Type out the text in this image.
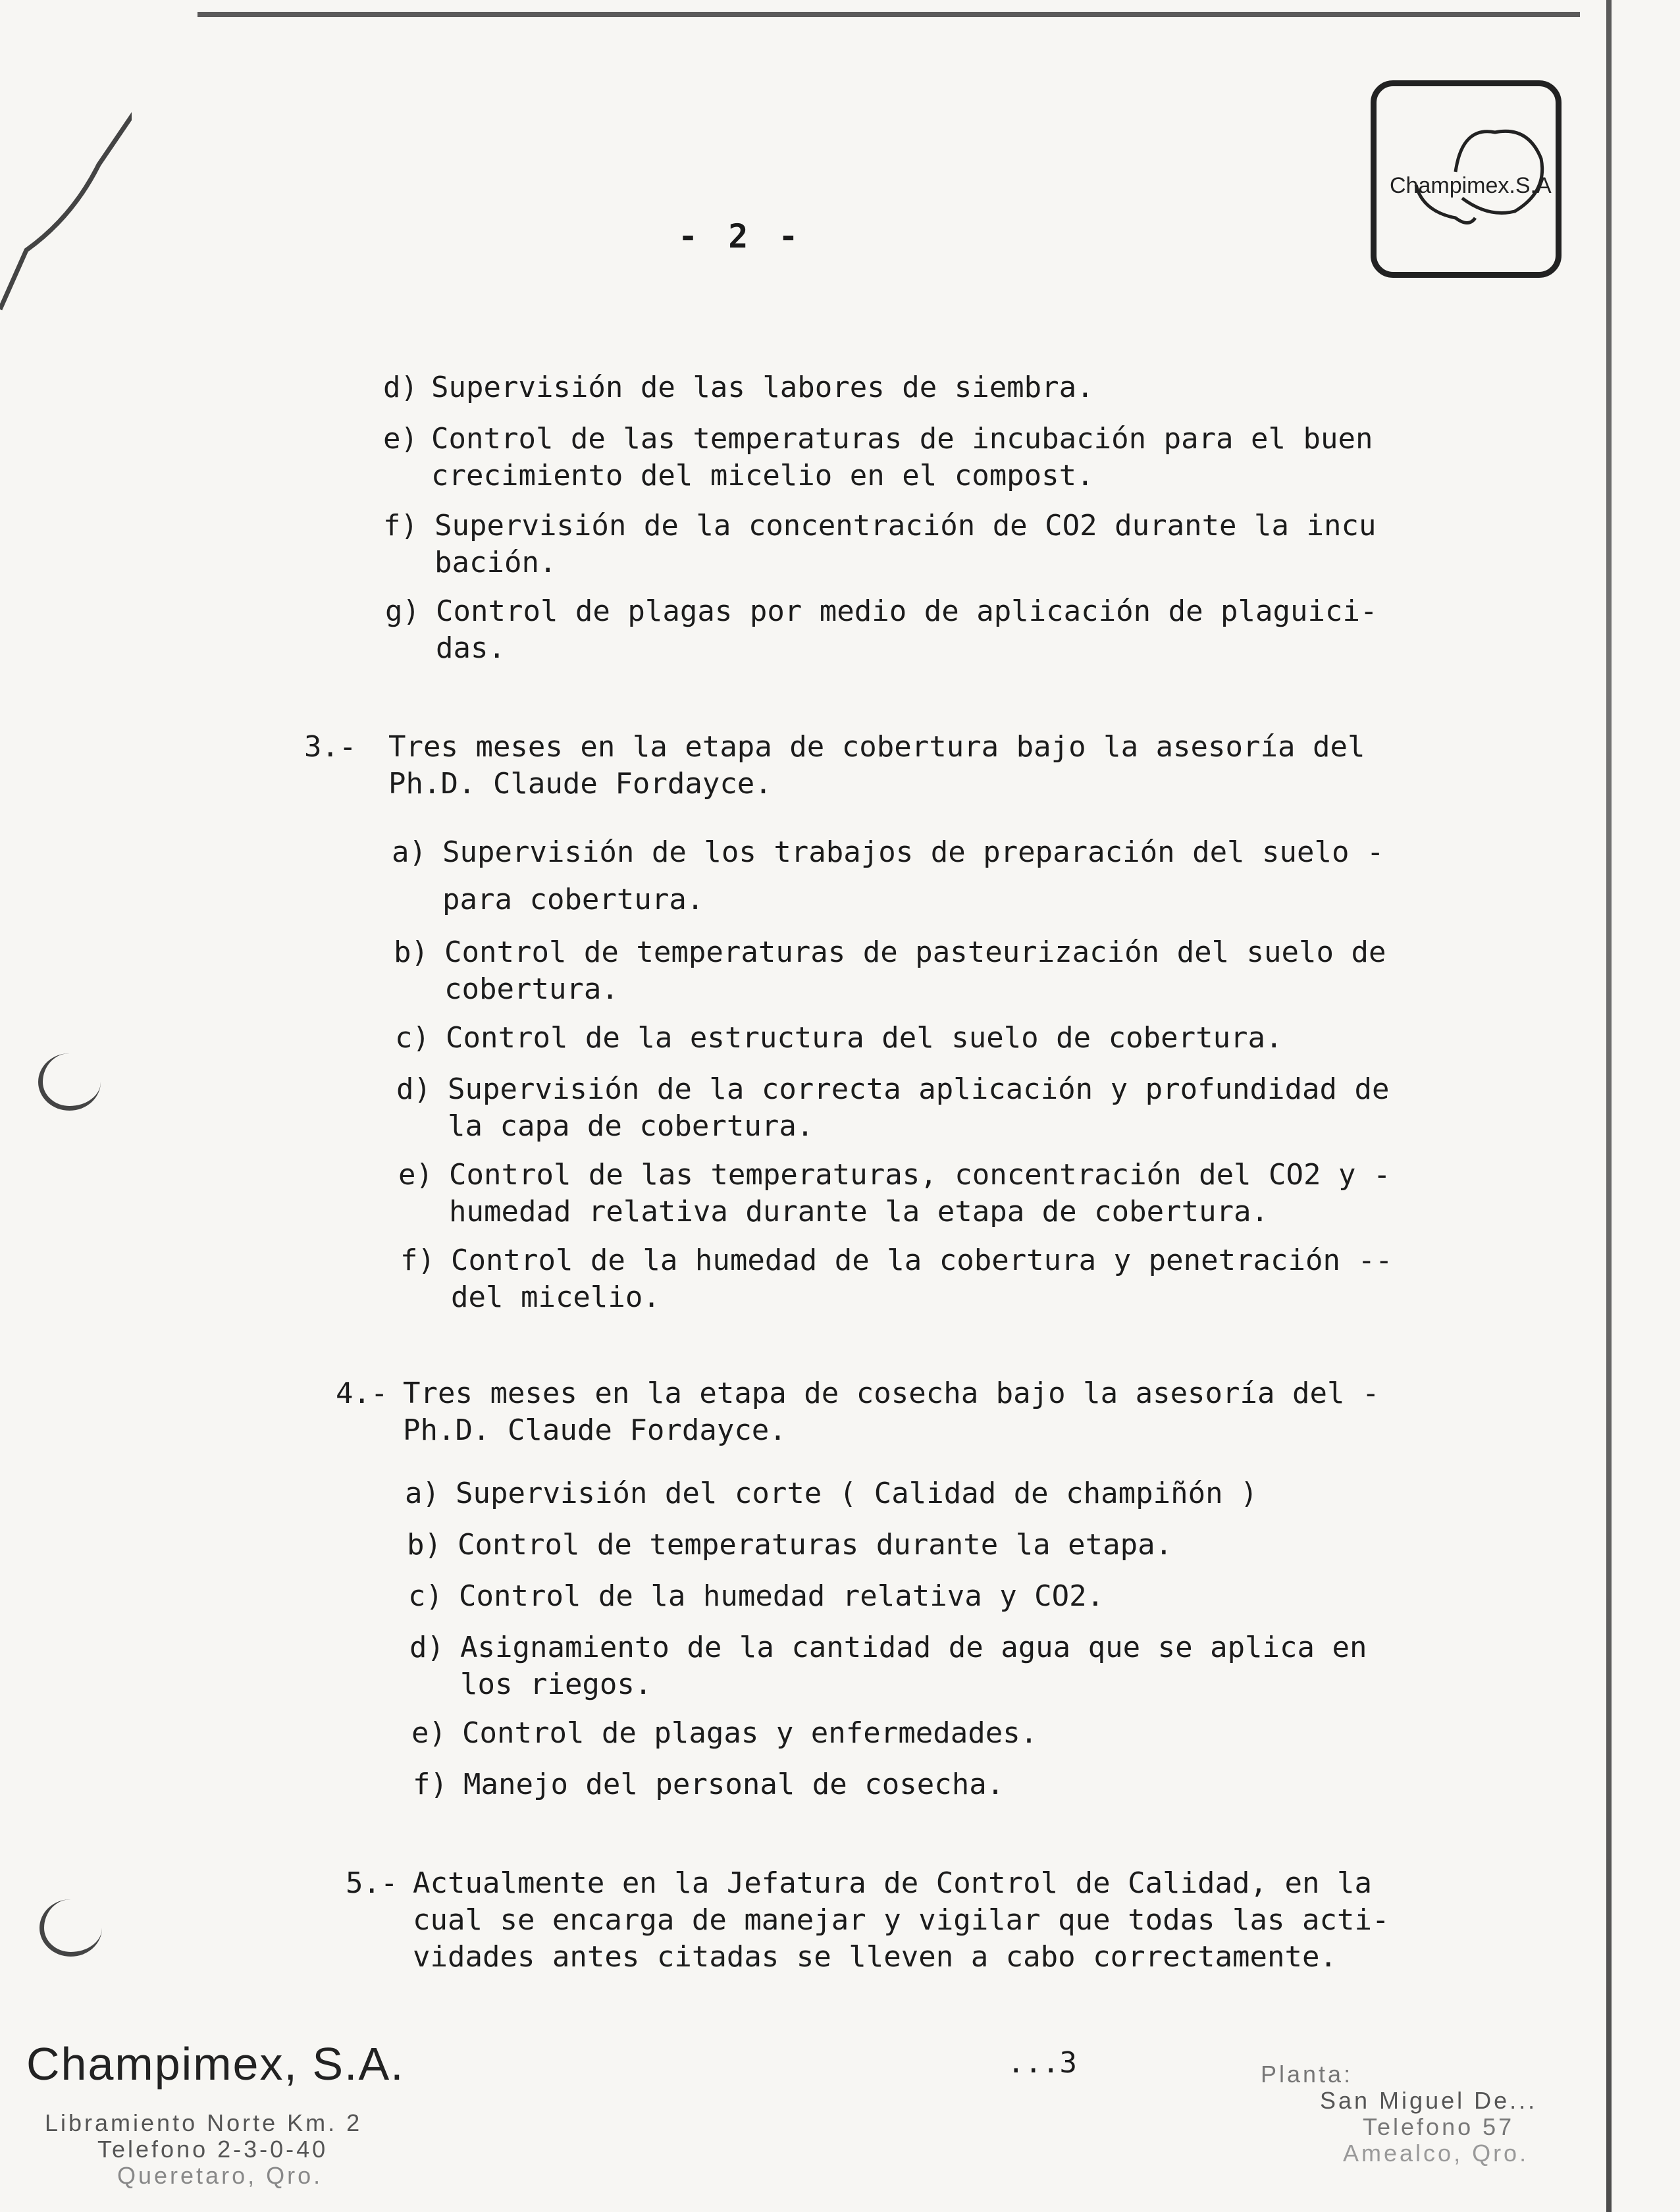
- 2 -
Champimex.S.A
d) Supervisión de las labores de siembra.
e) Control de las temperaturas de incubación para el buen
crecimiento del micelio en el compost.
f) Supervisión de la concentración de CO2 durante la incu
bación.
g) Control de plagas por medio de aplicación de plaguici-
das.
3.- Tres meses en la etapa de cobertura bajo la asesoría del
Ph.D. Claude Fordayce.
a) Supervisión de los trabajos de preparación del suelo -
para cobertura.
b) Control de temperaturas de pasteurización del suelo de
cobertura.
c) Control de la estructura del suelo de cobertura.
d) Supervisión de la correcta aplicación y profundidad de
la capa de cobertura.
e) Control de las temperaturas, concentración del CO2 y -
humedad relativa durante la etapa de cobertura.
f) Control de la humedad de la cobertura y penetración --
del micelio.
4.- Tres meses en la etapa de cosecha bajo la asesoría del -
Ph.D. Claude Fordayce.
a) Supervisión del corte ( Calidad de champiñón )
b) Control de temperaturas durante la etapa.
c) Control de la humedad relativa y CO2.
d) Asignamiento de la cantidad de agua que se aplica en
los riegos.
e) Control de plagas y enfermedades.
f) Manejo del personal de cosecha.
5.- Actualmente en la Jefatura de Control de Calidad, en la
cual se encarga de manejar y vigilar que todas las acti-
vidades antes citadas se lleven a cabo correctamente.
Champimex, S.A.	...3
Libramiento Norte Km. 2
Telefono 2-3-0-40
Queretaro, Qro.
Planta:
San Miguel De...
Telefono 57
Amealco, Qro.
